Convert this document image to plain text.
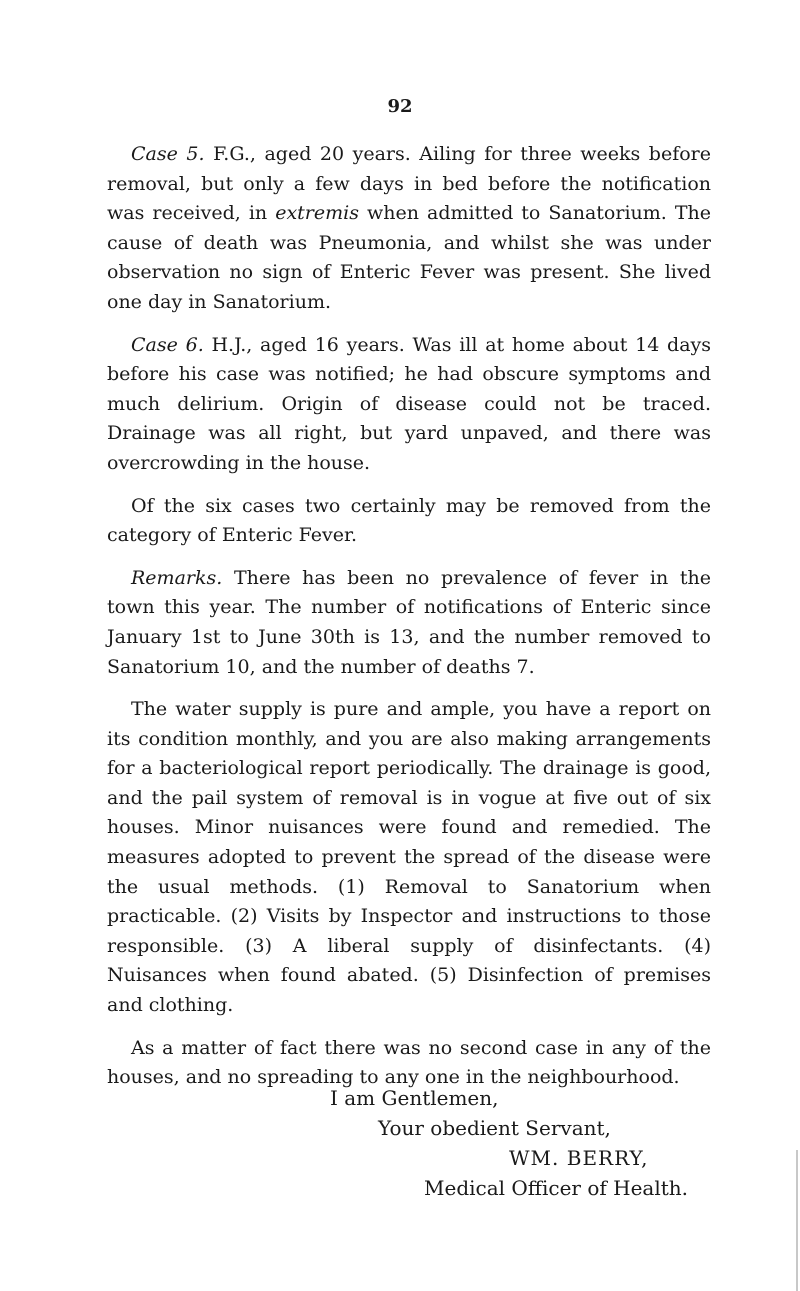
92

Case 5. F.G., aged 20 years. Ailing for three weeks before removal, but only a few days in bed before the notification was received, in extremis when admitted to Sanatorium. The cause of death was Pneumonia, and whilst she was under observation no sign of Enteric Fever was present. She lived one day in Sanatorium.

Case 6. H.J., aged 16 years. Was ill at home about 14 days before his case was notified; he had obscure symptoms and much delirium. Origin of disease could not be traced. Drainage was all right, but yard unpaved, and there was overcrowding in the house.

Of the six cases two certainly may be removed from the category of Enteric Fever.

Remarks. There has been no prevalence of fever in the town this year. The number of notifications of Enteric since January 1st to June 30th is 13, and the number removed to Sanatorium 10, and the number of deaths 7.

The water supply is pure and ample, you have a report on its condition monthly, and you are also making arrangements for a bacteriological report periodically. The drainage is good, and the pail system of removal is in vogue at five out of six houses. Minor nuisances were found and remedied. The measures adopted to prevent the spread of the disease were the usual methods. (1) Removal to Sanatorium when practicable. (2) Visits by Inspector and instructions to those responsible. (3) A liberal supply of disinfectants. (4) Nuisances when found abated. (5) Disinfection of premises and clothing.

As a matter of fact there was no second case in any of the houses, and no spreading to any one in the neighbourhood.

I am Gentlemen,
Your obedient Servant,
WM. BERRY,
Medical Officer of Health.
